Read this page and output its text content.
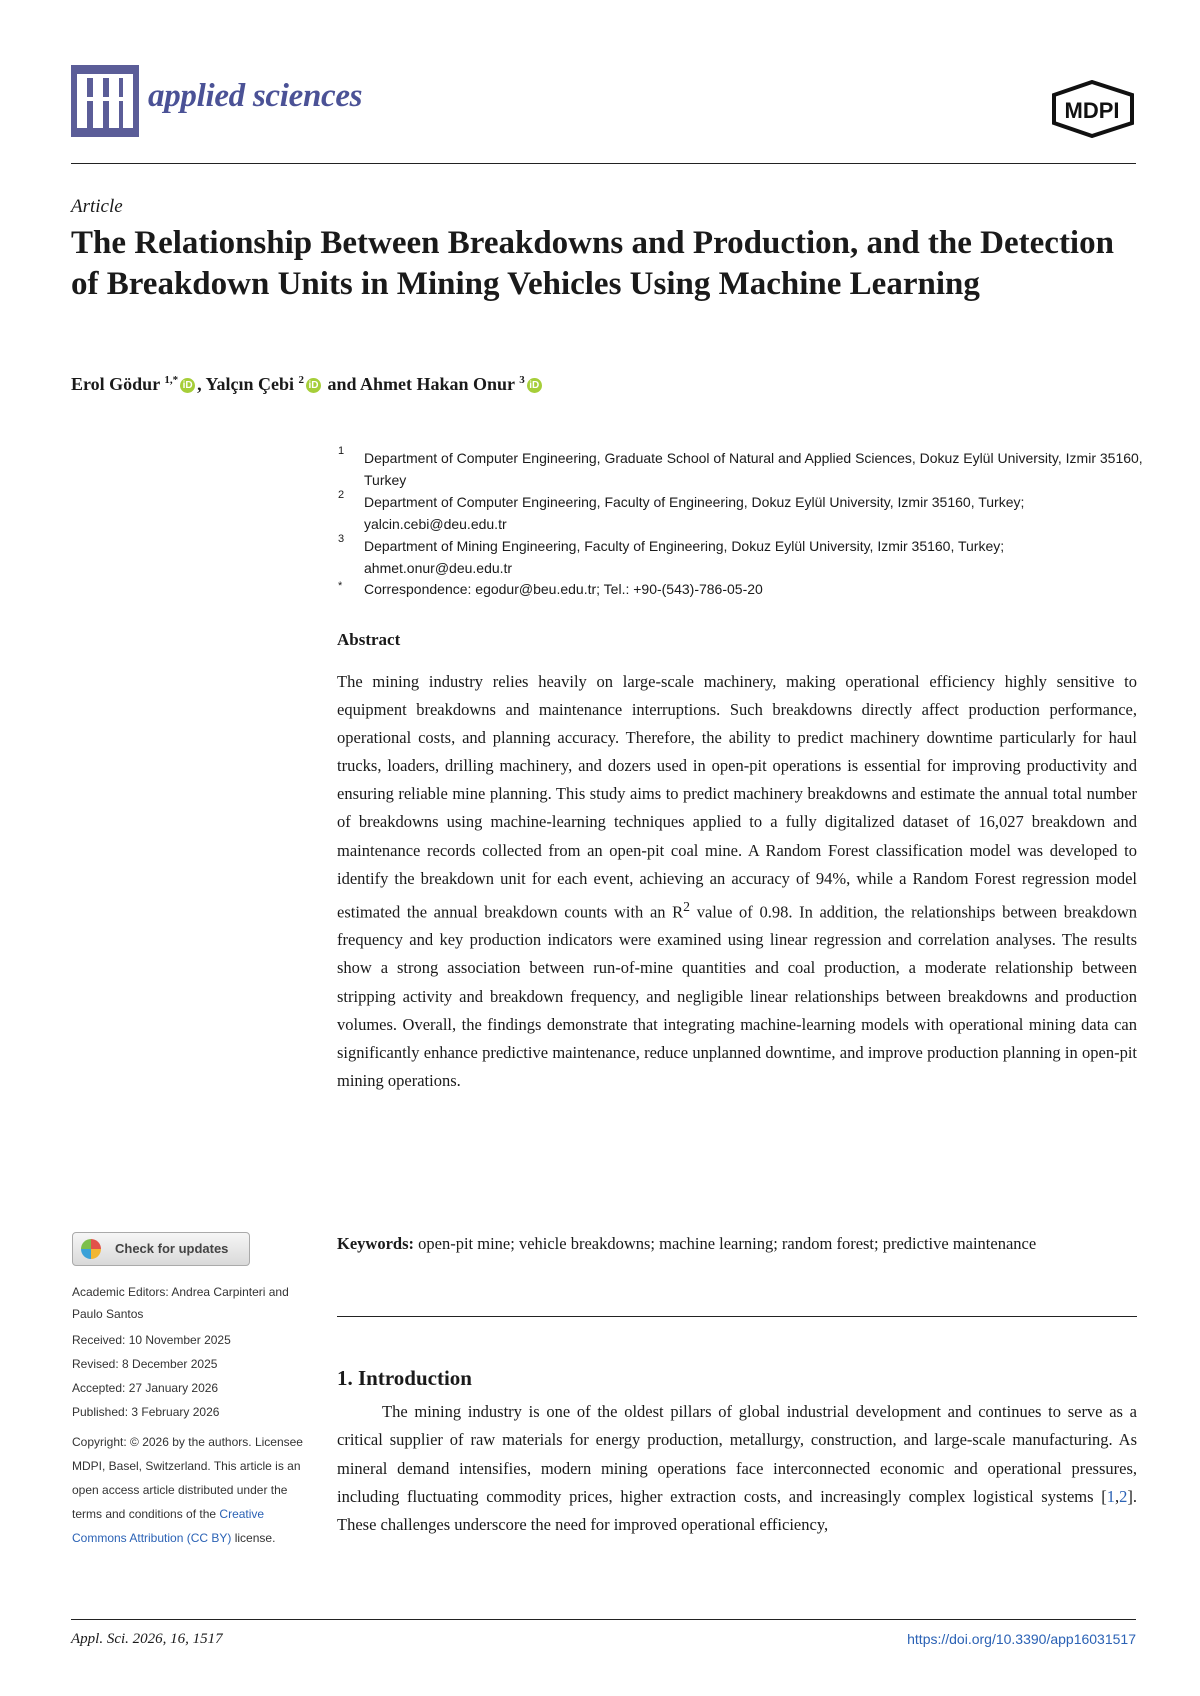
applied sciences	MDPI
Article
The Relationship Between Breakdowns and Production, and the Detection of Breakdown Units in Mining Vehicles Using Machine Learning
Erol Gödur $^{1,*}$ iD , Yalçın Çebi $^2$ iD and Ahmet Hakan Onur $^3$ iD
1 Department of Computer Engineering, Graduate School of Natural and Applied Sciences, Dokuz Eylül University, Izmir 35160, Turkey
2 Department of Computer Engineering, Faculty of Engineering, Dokuz Eylül University, Izmir 35160, Turkey; yalcin.cebi@deu.edu.tr
3 Department of Mining Engineering, Faculty of Engineering, Dokuz Eylül University, Izmir 35160, Turkey; ahmet.onur@deu.edu.tr
* Correspondence: egodur@beu.edu.tr; Tel.: +90-(543)-786-05-20
Abstract
The mining industry relies heavily on large-scale machinery, making operational efficiency highly sensitive to equipment breakdowns and maintenance interruptions. Such breakdowns directly affect production performance, operational costs, and planning accuracy. Therefore, the ability to predict machinery downtime particularly for haul trucks, loaders, drilling machinery, and dozers used in open-pit operations is essential for improving productivity and ensuring reliable mine planning. This study aims to predict machinery breakdowns and estimate the annual total number of breakdowns using machine-learning techniques applied to a fully digitalized dataset of 16,027 breakdown and maintenance records collected from an open-pit coal mine. A Random Forest classification model was developed to identify the breakdown unit for each event, achieving an accuracy of 94%, while a Random Forest regression model estimated the annual breakdown counts with an $R^2$ value of 0.98. In addition, the relationships between breakdown frequency and key production indicators were examined using linear regression and correlation analyses. The results show a strong association between run-of-mine quantities and coal production, a moderate relationship between stripping activity and breakdown frequency, and negligible linear relationships between breakdowns and production volumes. Overall, the findings demonstrate that integrating machine-learning models with operational mining data can significantly enhance predictive maintenance, reduce unplanned downtime, and improve production planning in open-pit mining operations.
Keywords: open-pit mine; vehicle breakdowns; machine learning; random forest; predictive maintenance
Check for updates
Academic Editors: Andrea Carpinteri and Paulo Santos
Received: 10 November 2025
Revised: 8 December 2025
Accepted: 27 January 2026
Published: 3 February 2026
Copyright: © 2026 by the authors. Licensee MDPI, Basel, Switzerland. This article is an open access article distributed under the terms and conditions of the Creative Commons Attribution (CC BY) license.
1. Introduction
The mining industry is one of the oldest pillars of global industrial development and continues to serve as a critical supplier of raw materials for energy production, metallurgy, construction, and large-scale manufacturing. As mineral demand intensifies, modern mining operations face interconnected economic and operational pressures, including fluctuating commodity prices, higher extraction costs, and increasingly complex logistical systems [1,2]. These challenges underscore the need for improved operational efficiency,
Appl. Sci. 2026, 16, 1517	https://doi.org/10.3390/app16031517
